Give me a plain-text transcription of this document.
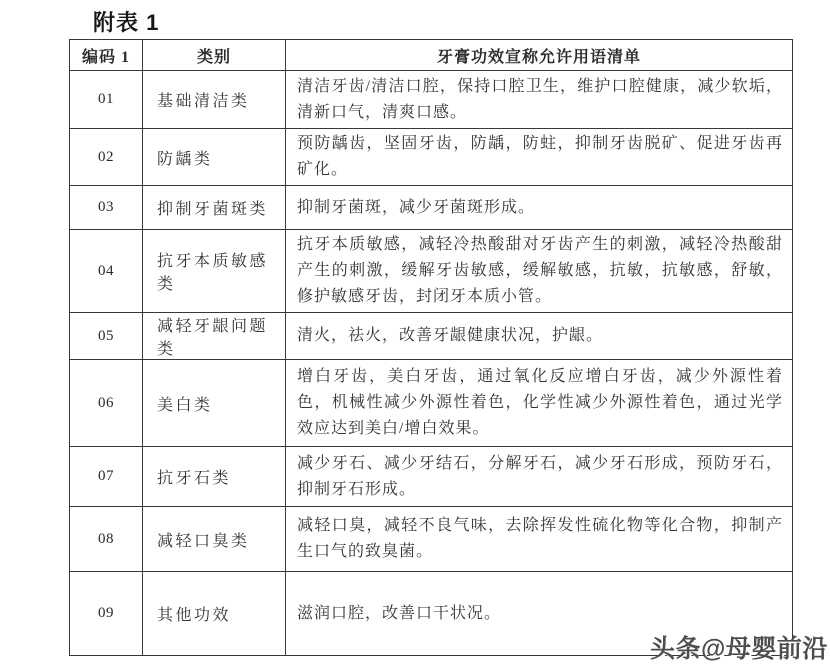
附表 1
编码 1	类别	牙膏功效宣称允许用语清单
01	基础清洁类	清洁牙齿/清洁口腔，保持口腔卫生，维护口腔健康，减少软垢，清新口气，清爽口感。
02	防龋类	预防龋齿，坚固牙齿，防龋，防蛀，抑制牙齿脱矿、促进牙齿再矿化。
03	抑制牙菌斑类	抑制牙菌斑，减少牙菌斑形成。
04	抗牙本质敏感类	抗牙本质敏感，减轻冷热酸甜对牙齿产生的刺激，减轻冷热酸甜产生的刺激，缓解牙齿敏感，缓解敏感，抗敏，抗敏感，舒敏，修护敏感牙齿，封闭牙本质小管。
05	减轻牙龈问题类	清火，祛火，改善牙龈健康状况，护龈。
06	美白类	增白牙齿，美白牙齿，通过氧化反应增白牙齿，减少外源性着色，机械性减少外源性着色，化学性减少外源性着色，通过光学效应达到美白/增白效果。
07	抗牙石类	减少牙石、减少牙结石，分解牙石，减少牙石形成，预防牙石，抑制牙石形成。
08	减轻口臭类	减轻口臭，减轻不良气味，去除挥发性硫化物等化合物，抑制产生口气的致臭菌。
09	其他功效	滋润口腔，改善口干状况。
头条@母婴前沿
